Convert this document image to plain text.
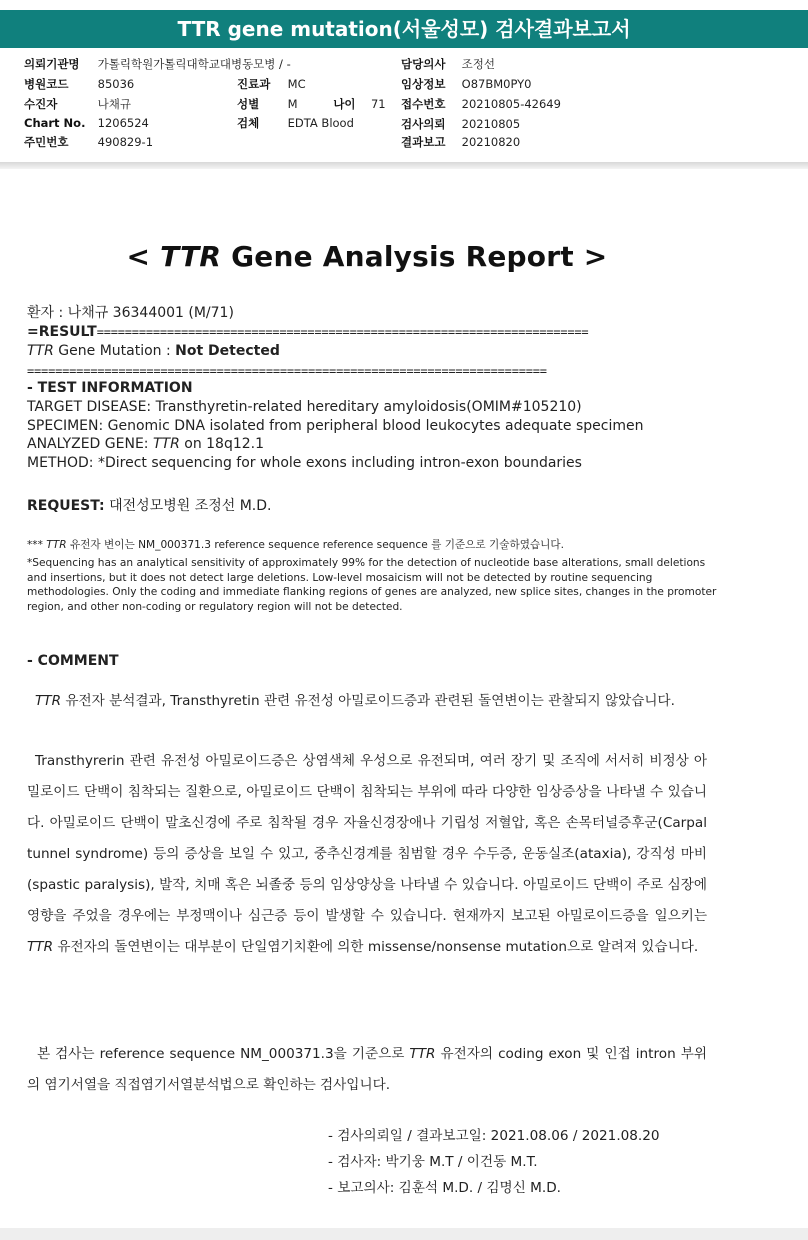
TTR gene mutation(서울성모) 검사결과보고서
의뢰기관명 가톨릭학원가톨릭대학교대병동모병 / -
병원코드	85036
수진자	나채규
Chart No. 1206524
주민번호	490829-1
진료과 MC
성별 M	나이 71
검체 EDTA Blood
담당의사 조정선
임상정보 O87BM0PY0
접수번호 20210805-42649
검사의뢰 20210805
결과보고 20210820
< TTR Gene Analysis Report >
환자 : 나채규 36344001 (M/71)
=RESULT======================================================================
TTR Gene Mutation : Not Detected
==========================================================================
- TEST INFORMATION
TARGET DISEASE: Transthyretin-related hereditary amyloidosis(OMIM#105210)
SPECIMEN: Genomic DNA isolated from peripheral blood leukocytes adequate specimen
ANALYZED GENE: TTR on 18q12.1
METHOD: *Direct sequencing for whole exons including intron-exon boundaries
REQUEST: 대전성모병원 조정선 M.D.
*** TTR 유전자 변이는 NM_000371.3 reference sequence reference sequence 를 기준으로 기술하였습니다.
*Sequencing has an analytical sensitivity of approximately 99% for the detection of nucleotide base alterations, small deletions and insertions, but it does not detect large deletions. Low-level mosaicism will not be detected by routine sequencing methodologies. Only the coding and immediate flanking regions of genes are analyzed, new splice sites, changes in the promoter region, and other non-coding or regulatory region will not be detected.
- COMMENT
TTR 유전자 분석결과, Transthyretin 관련 유전성 아밀로이드증과 관련된 돌연변이는 관찰되지 않았습니다.
Transthyrerin 관련 유전성 아밀로이드증은 상염색체 우성으로 유전되며, 여러 장기 및 조직에 서서히 비정상 아밀로이드 단백이 침착되는 질환으로, 아밀로이드 단백이 침착되는 부위에 따라 다양한 임상증상을 나타낼 수 있습니다. 아밀로이드 단백이 말초신경에 주로 침착될 경우 자율신경장애나 기립성 저혈압, 혹은 손목터널증후군(Carpal tunnel syndrome) 등의 증상을 보일 수 있고, 중추신경계를 침범할 경우 수두증, 운동실조(ataxia), 강직성 마비(spastic paralysis), 발작, 치매 혹은 뇌졸중 등의 임상양상을 나타낼 수 있습니다. 아밀로이드 단백이 주로 심장에 영향을 주었을 경우에는 부정맥이나 심근증 등이 발생할 수 있습니다. 현재까지 보고된 아밀로이드증을 일으키는 TTR 유전자의 돌연변이는 대부분이 단일염기치환에 의한 missense/nonsense mutation으로 알려져 있습니다.
본 검사는 reference sequence NM_000371.3을 기준으로 TTR 유전자의 coding exon 및 인접 intron 부위의 염기서열을 직접염기서열분석법으로 확인하는 검사입니다.
- 검사의뢰일 / 결과보고일: 2021.08.06 / 2021.08.20
- 검사자: 박기웅 M.T / 이건동 M.T.
- 보고의사: 김훈석 M.D. / 김명신 M.D.
